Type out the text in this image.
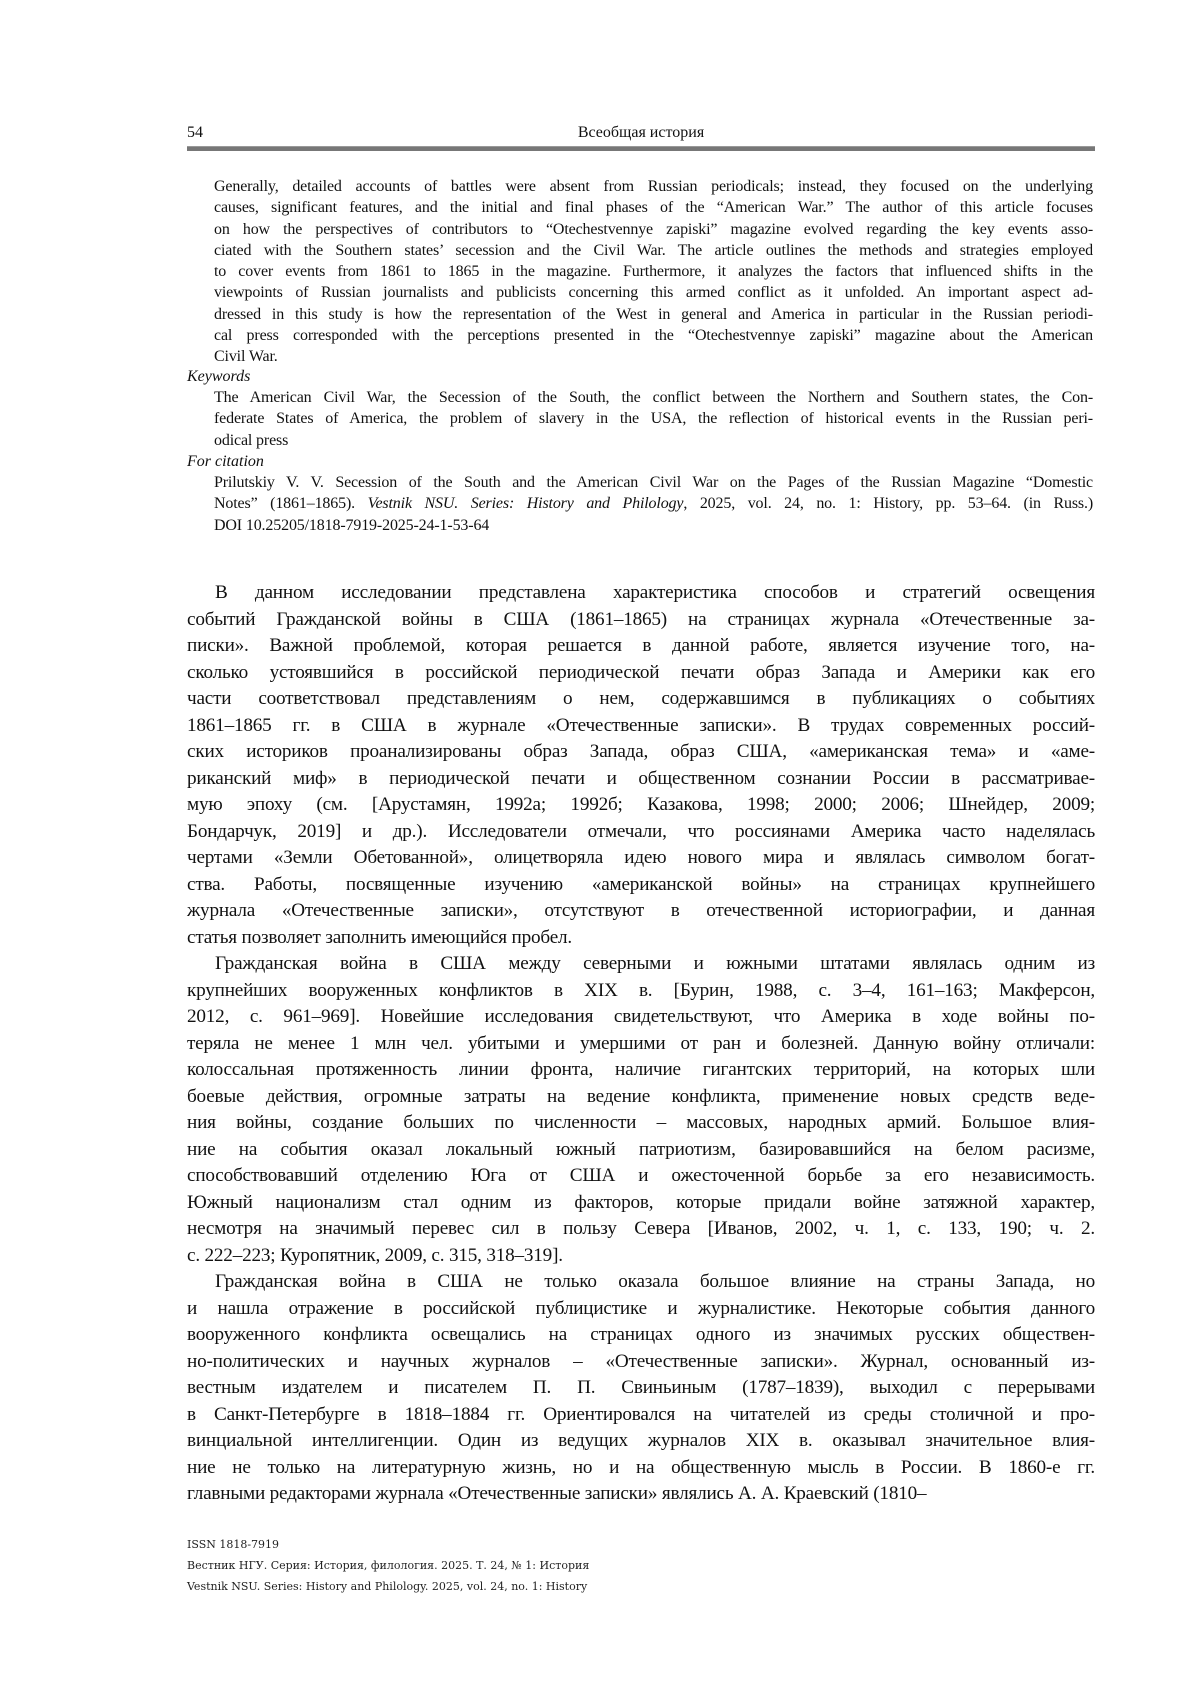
54	Всеобщая история
Generally, detailed accounts of battles were absent from Russian periodicals; instead, they focused on the underlying
causes, significant features, and the initial and final phases of the “American War.” The author of this article focuses
on how the perspectives of contributors to “Otechestvennye zapiski” magazine evolved regarding the key events asso-
ciated with the Southern states’ secession and the Civil War. The article outlines the methods and strategies employed
to cover events from 1861 to 1865 in the magazine. Furthermore, it analyzes the factors that influenced shifts in the
viewpoints of Russian journalists and publicists concerning this armed conflict as it unfolded. An important aspect ad-
dressed in this study is how the representation of the West in general and America in particular in the Russian periodi-
cal press corresponded with the perceptions presented in the “Otechestvennye zapiski” magazine about the American
Civil War.
Keywords
The American Civil War, the Secession of the South, the conflict between the Northern and Southern states, the Con-
federate States of America, the problem of slavery in the USA, the reflection of historical events in the Russian peri-
odical press
For citation
Prilutskiy V. V. Secession of the South and the American Civil War on the Pages of the Russian Magazine “Domestic
Notes” (1861–1865). Vestnik NSU. Series: History and Philology, 2025, vol. 24, no. 1: History, pp. 53–64. (in Russ.)
DOI 10.25205/1818-7919-2025-24-1-53-64
В данном исследовании представлена характеристика способов и стратегий освещения
событий Гражданской войны в США (1861–1865) на страницах журнала «Отечественные за-
писки». Важной проблемой, которая решается в данной работе, является изучение того, на-
сколько устоявшийся в российской периодической печати образ Запада и Америки как его
части соответствовал представлениям о нем, содержавшимся в публикациях о событиях
1861–1865 гг. в США в журнале «Отечественные записки». В трудах современных россий-
ских историков проанализированы образ Запада, образ США, «американская тема» и «аме-
риканский миф» в периодической печати и общественном сознании России в рассматривае-
мую эпоху (см. [Арустамян, 1992а; 1992б; Казакова, 1998; 2000; 2006; Шнейдер, 2009;
Бондарчук, 2019] и др.). Исследователи отмечали, что россиянами Америка часто наделялась
чертами «Земли Обетованной», олицетворяла идею нового мира и являлась символом богат-
ства. Работы, посвященные изучению «американской войны» на страницах крупнейшего
журнала «Отечественные записки», отсутствуют в отечественной историографии, и данная
статья позволяет заполнить имеющийся пробел.
Гражданская война в США между северными и южными штатами являлась одним из
крупнейших вооруженных конфликтов в XIX в. [Бурин, 1988, с. 3–4, 161–163; Макферсон,
2012, с. 961–969]. Новейшие исследования свидетельствуют, что Америка в ходе войны по-
теряла не менее 1 млн чел. убитыми и умершими от ран и болезней. Данную войну отличали:
колоссальная протяженность линии фронта, наличие гигантских территорий, на которых шли
боевые действия, огромные затраты на ведение конфликта, применение новых средств веде-
ния войны, создание больших по численности – массовых, народных армий. Большое влия-
ние на события оказал локальный южный патриотизм, базировавшийся на белом расизме,
способствовавший отделению Юга от США и ожесточенной борьбе за его независимость.
Южный национализм стал одним из факторов, которые придали войне затяжной характер,
несмотря на значимый перевес сил в пользу Севера [Иванов, 2002, ч. 1, с. 133, 190; ч. 2.
с. 222–223; Куропятник, 2009, с. 315, 318–319].
Гражданская война в США не только оказала большое влияние на страны Запада, но
и нашла отражение в российской публицистике и журналистике. Некоторые события данного
вооруженного конфликта освещались на страницах одного из значимых русских обществен-
но-политических и научных журналов – «Отечественные записки». Журнал, основанный из-
вестным издателем и писателем П. П. Свиньиным (1787–1839), выходил с перерывами
в Санкт-Петербурге в 1818–1884 гг. Ориентировался на читателей из среды столичной и про-
винциальной интеллигенции. Один из ведущих журналов XIX в. оказывал значительное влия-
ние не только на литературную жизнь, но и на общественную мысль в России. В 1860-е гг.
главными редакторами журнала «Отечественные записки» являлись А. А. Краевский (1810–
ISSN 1818-7919
Вестник НГУ. Серия: История, филология. 2025. Т. 24, № 1: История
Vestnik NSU. Series: History and Philology. 2025, vol. 24, no. 1: History
